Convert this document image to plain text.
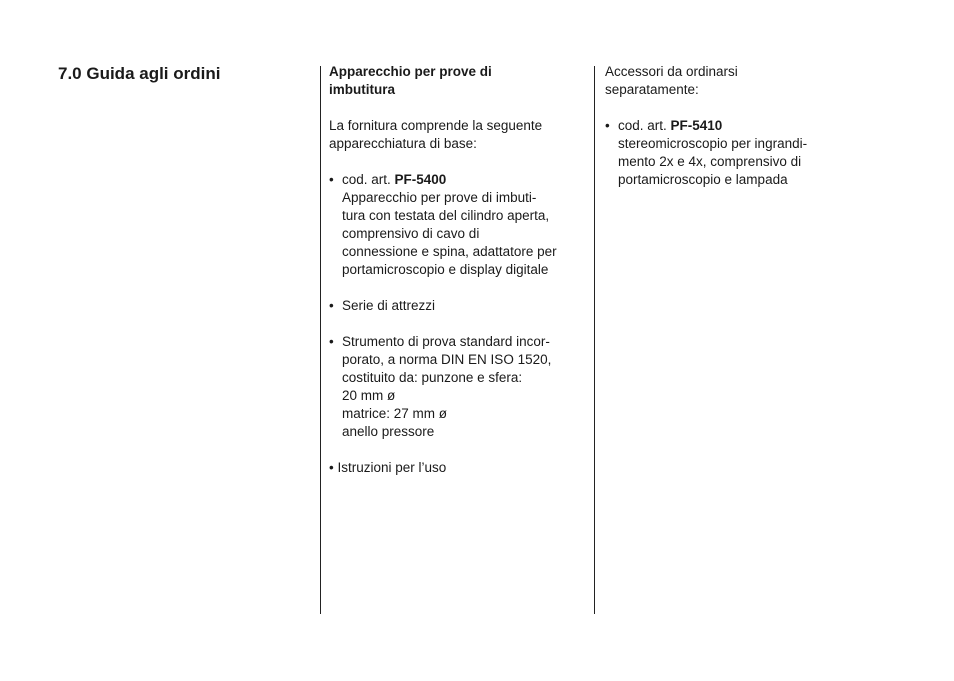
7.0 Guida agli ordini	Apparecchio per prove di
imbutitura

La fornitura comprende la seguente
apparecchiatura di base:

• cod. art. PF-5400
Apparecchio per prove di imbuti-
tura con testata del cilindro aperta,
comprensivo di cavo di
connessione e spina, adattatore per
portamicroscopio e display digitale
• Serie di attrezzi
• Strumento di prova standard incor-
porato, a norma DIN EN ISO 1520,
costituito da: punzone e sfera:
20 mm ø
matrice: 27 mm ø
anello pressore
• Istruzioni per l’uso

Accessori da ordinarsi
separatamente:

• cod. art. PF-5410
stereomicroscopio per ingrandi-
mento 2x e 4x, comprensivo di
portamicroscopio e lampada
